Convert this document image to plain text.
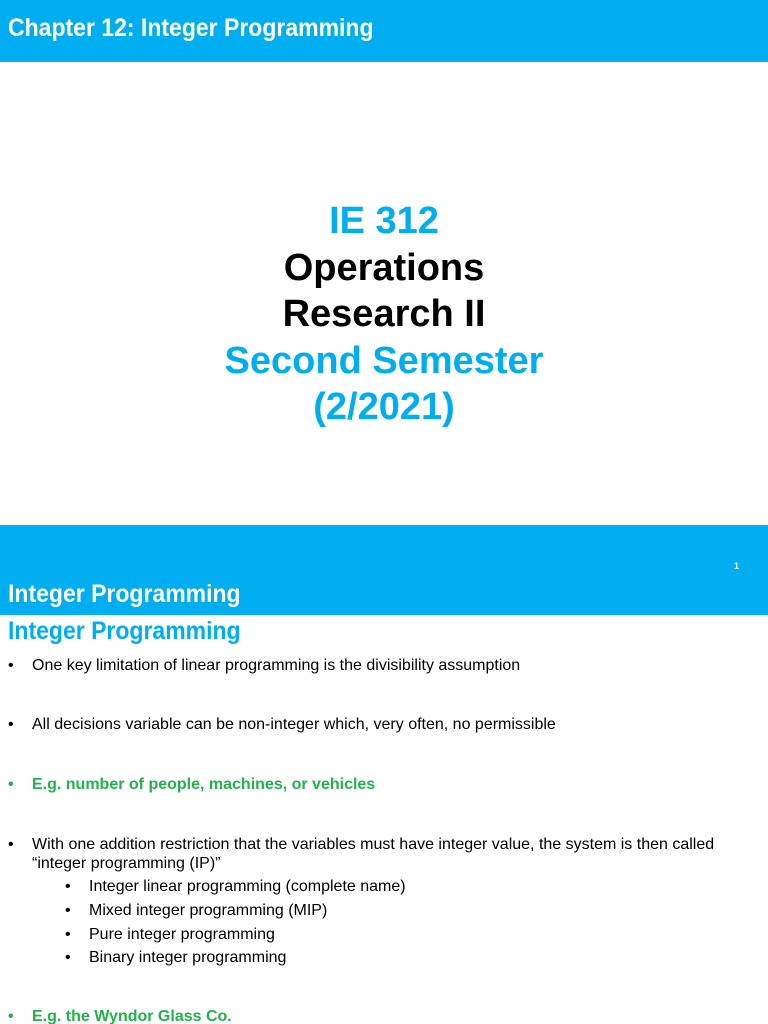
Chapter 12: Integer Programming
IE 312
Operations
Research II
Second Semester
(2/2021)
1
Integer Programming
Integer Programming
• One key limitation of linear programming is the divisibility assumption
• All decisions variable can be non-integer which, very often, no permissible
• E.g. number of people, machines, or vehicles
• With one addition restriction that the variables must have integer value, the system is then called “integer programming (IP)”
• Integer linear programming (complete name)
• Mixed integer programming (MIP)
• Pure integer programming
• Binary integer programming
• E.g. the Wyndor Glass Co.
